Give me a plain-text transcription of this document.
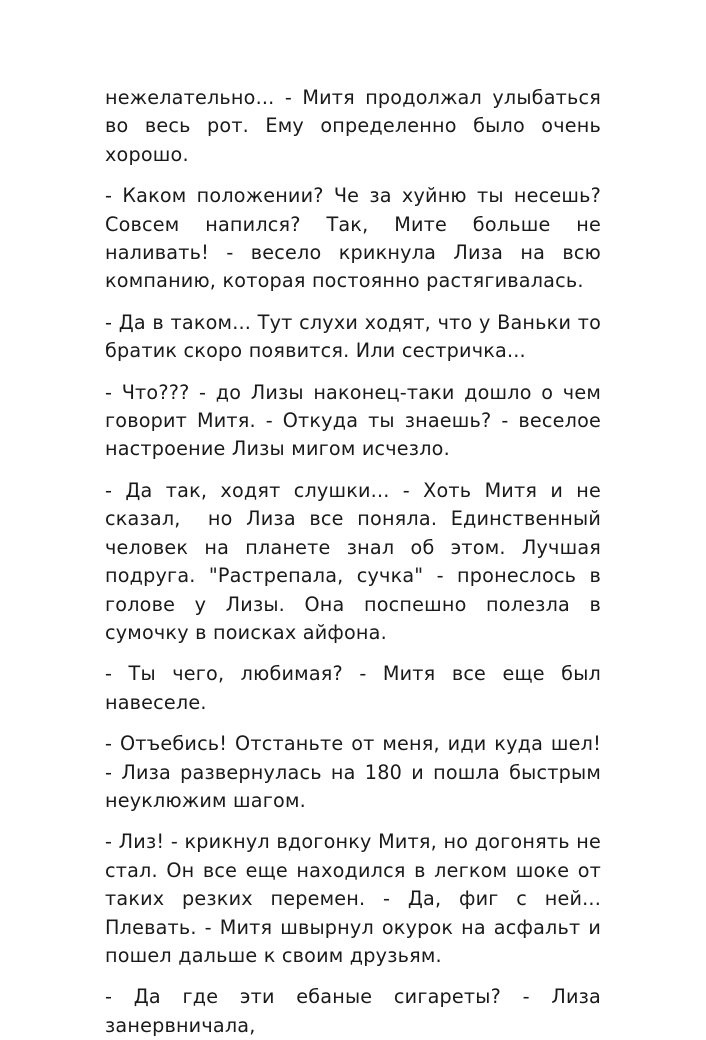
нежелательно... - Митя продолжал улыбаться во весь рот. Ему определенно было очень хорошо.

- Каком положении? Че за хуйню ты несешь? Совсем напился? Так, Мите больше не наливать! - весело крикнула Лиза на всю компанию, которая постоянно растягивалась.

- Да в таком... Тут слухи ходят, что у Ваньки то братик скоро появится. Или сестричка...

- Что??? - до Лизы наконец-таки дошло о чем говорит Митя. - Откуда ты знаешь? - веселое настроение Лизы мигом исчезло.

- Да так, ходят слушки... - Хоть Митя и не сказал,  но Лиза все поняла. Единственный человек на планете знал об этом. Лучшая подруга. "Растрепала, сучка" - пронеслось в голове у Лизы. Она поспешно полезла в сумочку в поисках айфона.

- Ты чего, любимая? - Митя все еще был навеселе.

- Отъебись! Отстаньте от меня, иди куда шел! - Лиза развернулась на 180 и пошла быстрым неуклюжим шагом.

- Лиз! - крикнул вдогонку Митя, но догонять не стал. Он все еще находился в легком шоке от таких резких перемен. - Да, фиг с ней... Плевать. - Митя швырнул окурок на асфальт и пошел дальше к своим друзьям.

- Да где эти ебаные сигареты? - Лиза занервничала,
